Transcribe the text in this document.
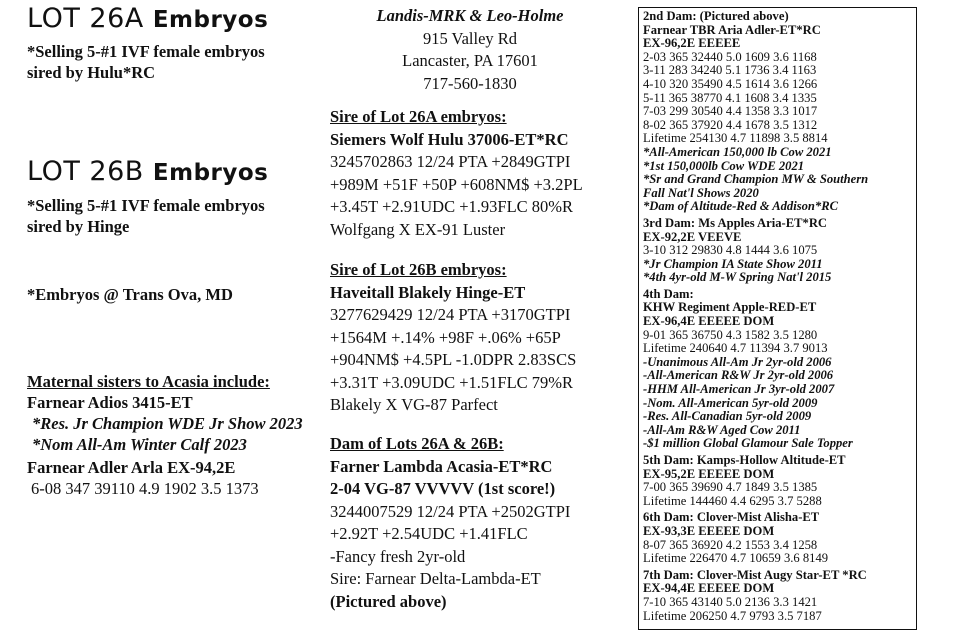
LOT 26A Embryos
*Selling 5-#1 IVF female embryos
sired by Hulu*RC
LOT 26B Embryos
*Selling 5-#1 IVF female embryos
sired by Hinge
*Embryos @ Trans Ova, MD
Maternal sisters to Acasia include:
Farnear Adios 3415-ET
*Res. Jr Champion WDE Jr Show 2023
*Nom All-Am Winter Calf 2023
Farnear Adler Arla EX-94,2E
6-08 347 39110 4.9 1902 3.5 1373
Landis-MRK & Leo-Holme
915 Valley Rd
Lancaster, PA 17601
717-560-1830
Sire of Lot 26A embryos:
Siemers Wolf Hulu 37006-ET*RC
3245702863 12/24 PTA +2849GTPI
+989M +51F +50P +608NM$ +3.2PL
+3.45T +2.91UDC +1.93FLC 80%R
Wolfgang X EX-91 Luster
Sire of Lot 26B embryos:
Haveitall Blakely Hinge-ET
3277629429 12/24 PTA +3170GTPI
+1564M +.14% +98F +.06% +65P
+904NM$ +4.5PL -1.0DPR 2.83SCS
+3.31T +3.09UDC +1.51FLC 79%R
Blakely X VG-87 Parfect
Dam of Lots 26A & 26B:
Farner Lambda Acasia-ET*RC
2-04 VG-87 VVVVV (1st score!)
3244007529 12/24 PTA +2502GTPI
+2.92T +2.54UDC +1.41FLC
-Fancy fresh 2yr-old
Sire: Farnear Delta-Lambda-ET
(Pictured above)
2nd Dam: (Pictured above)
Farnear TBR Aria Adler-ET*RC
EX-96,2E EEEEE
2-03 365 32440 5.0 1609 3.6 1168
3-11 283 34240 5.1 1736 3.4 1163
4-10 320 35490 4.5 1614 3.6 1266
5-11 365 38770 4.1 1608 3.4 1335
7-03 299 30540 4.4 1358 3.3 1017
8-02 365 37920 4.4 1678 3.5 1312
Lifetime 254130 4.7 11898 3.5 8814
*All-American 150,000 lb Cow 2021
*1st 150,000lb Cow WDE 2021
*Sr and Grand Champion MW & Southern
Fall Nat'l Shows 2020
*Dam of Altitude-Red & Addison*RC
3rd Dam: Ms Apples Aria-ET*RC
EX-92,2E VEEVE
3-10 312 29830 4.8 1444 3.6 1075
*Jr Champion IA State Show 2011
*4th 4yr-old M-W Spring Nat'l 2015
4th Dam:
KHW Regiment Apple-RED-ET
EX-96,4E EEEEE DOM
9-01 365 36750 4.3 1582 3.5 1280
Lifetime 240640 4.7 11394 3.7 9013
-Unanimous All-Am Jr 2yr-old 2006
-All-American R&W Jr 2yr-old 2006
-HHM All-American Jr 3yr-old 2007
-Nom. All-American 5yr-old 2009
-Res. All-Canadian 5yr-old 2009
-All-Am R&W Aged Cow 2011
-$1 million Global Glamour Sale Topper
5th Dam: Kamps-Hollow Altitude-ET
EX-95,2E EEEEE DOM
7-00 365 39690 4.7 1849 3.5 1385
Lifetime 144460 4.4 6295 3.7 5288
6th Dam: Clover-Mist Alisha-ET
EX-93,3E EEEEE DOM
8-07 365 36920 4.2 1553 3.4 1258
Lifetime 226470 4.7 10659 3.6 8149
7th Dam: Clover-Mist Augy Star-ET *RC
EX-94,4E EEEEE DOM
7-10 365 43140 5.0 2136 3.3 1421
Lifetime 206250 4.7 9793 3.5 7187
